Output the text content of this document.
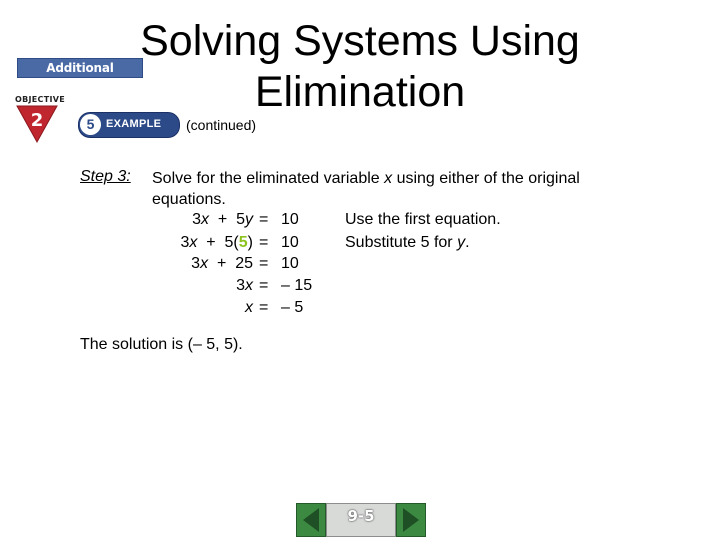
Additional Examples
OBJECTIVE
2	5	EXAMPLE (continued)
Solving Systems Using
Elimination
Step 3: Solve for the eliminated variable x using either of the original
equations.
3x  +  5y = 10	Use the first equation.
3x  +  5(5) = 10	Substitute 5 for y.
3x  +  25 = 10
3x = – 15
x = – 5
The solution is (– 5, 5).
9-5
